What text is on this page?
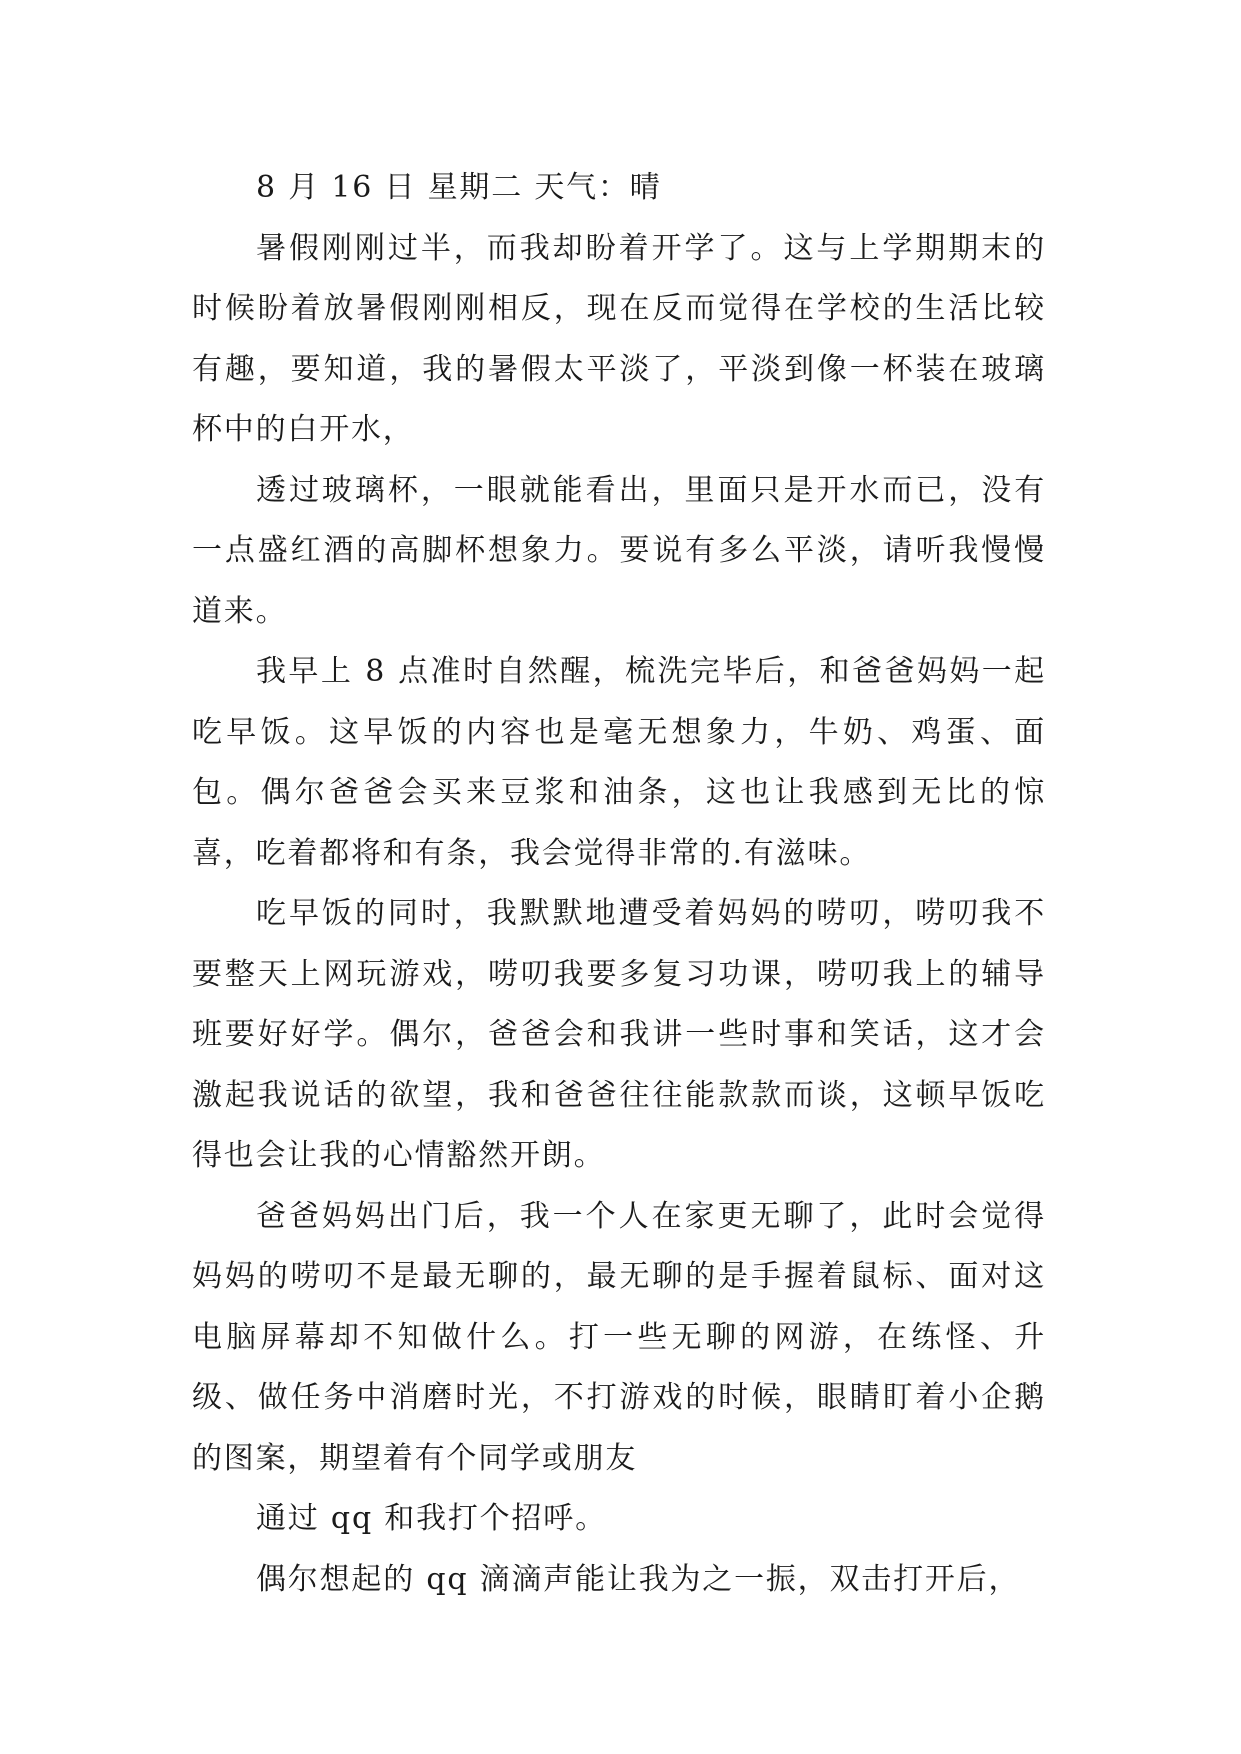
8 月 16 日 星期二 天气：晴

暑假刚刚过半，而我却盼着开学了。这与上学期期末的时候盼着放暑假刚刚相反，现在反而觉得在学校的生活比较有趣，要知道，我的暑假太平淡了，平淡到像一杯装在玻璃杯中的白开水，

透过玻璃杯，一眼就能看出，里面只是开水而已，没有一点盛红酒的高脚杯想象力。要说有多么平淡，请听我慢慢道来。

我早上 8 点准时自然醒，梳洗完毕后，和爸爸妈妈一起吃早饭。这早饭的内容也是毫无想象力，牛奶、鸡蛋、面包。偶尔爸爸会买来豆浆和油条，这也让我感到无比的惊喜，吃着都将和有条，我会觉得非常的.有滋味。

吃早饭的同时，我默默地遭受着妈妈的唠叨，唠叨我不要整天上网玩游戏，唠叨我要多复习功课，唠叨我上的辅导班要好好学。偶尔，爸爸会和我讲一些时事和笑话，这才会激起我说话的欲望，我和爸爸往往能款款而谈，这顿早饭吃得也会让我的心情豁然开朗。

爸爸妈妈出门后，我一个人在家更无聊了，此时会觉得妈妈的唠叨不是最无聊的，最无聊的是手握着鼠标、面对这电脑屏幕却不知做什么。打一些无聊的网游，在练怪、升级、做任务中消磨时光，不打游戏的时候，眼睛盯着小企鹅的图案，期望着有个同学或朋友

通过 qq 和我打个招呼。

偶尔想起的 qq 滴滴声能让我为之一振，双击打开后，
